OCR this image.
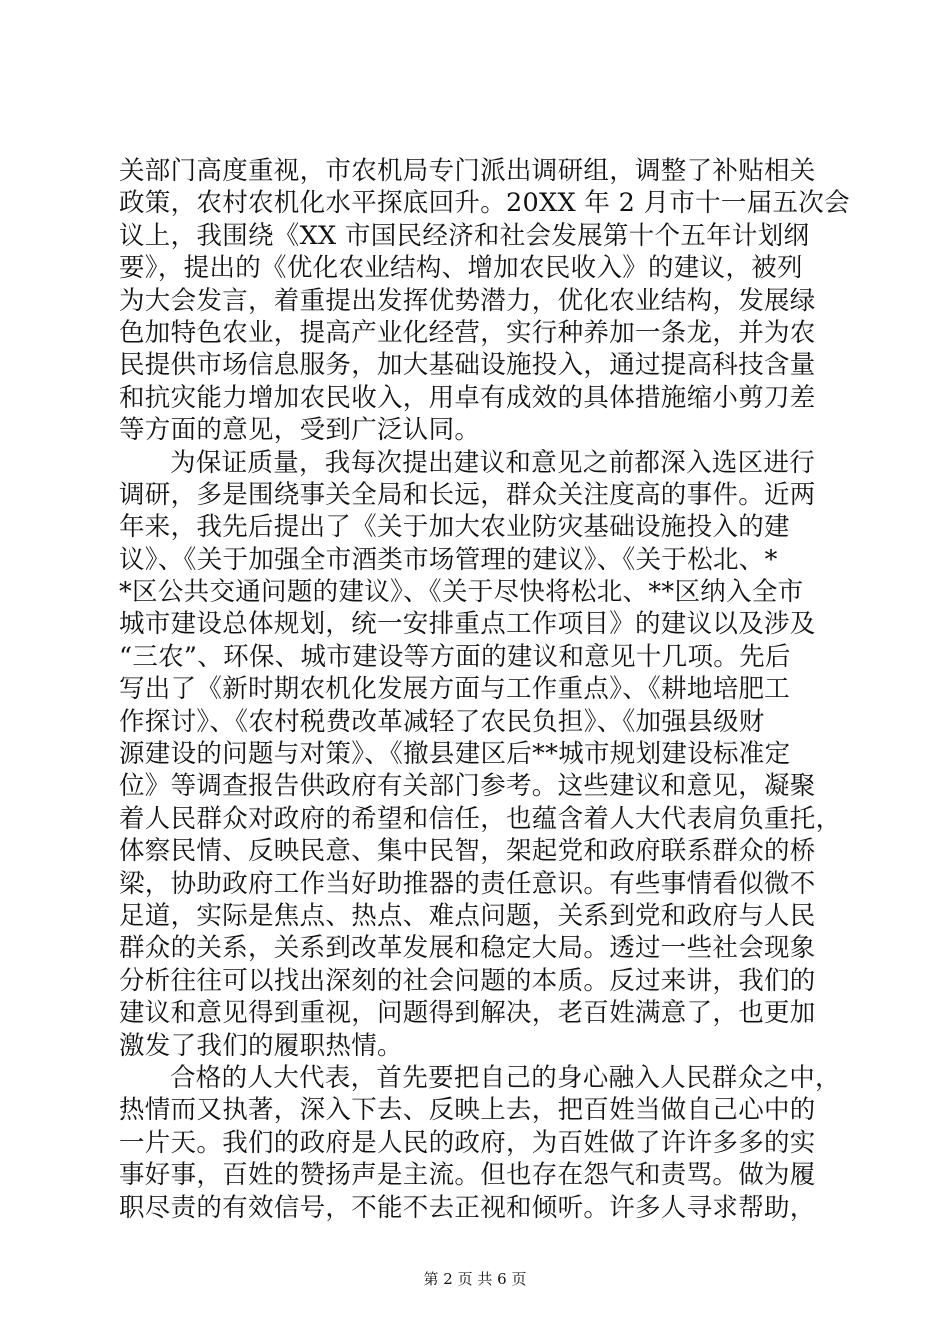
关部门高度重视，市农机局专门派出调研组，调整了补贴相关
政策，农村农机化水平探底回升。20XX 年 2 月市十一届五次会
议上，我围绕《XX 市国民经济和社会发展第十个五年计划纲
要》，提出的《优化农业结构、增加农民收入》的建议，被列
为大会发言，着重提出发挥优势潜力，优化农业结构，发展绿
色加特色农业，提高产业化经营，实行种养加一条龙，并为农
民提供市场信息服务，加大基础设施投入，通过提高科技含量
和抗灾能力增加农民收入，用卓有成效的具体措施缩小剪刀差
等方面的意见，受到广泛认同。
为保证质量，我每次提出建议和意见之前都深入选区进行
调研，多是围绕事关全局和长远，群众关注度高的事件。近两
年来，我先后提出了《关于加大农业防灾基础设施投入的建
议》、《关于加强全市酒类市场管理的建议》、《关于松北、*
*区公共交通问题的建议》、《关于尽快将松北、**区纳入全市
城市建设总体规划，统一安排重点工作项目》的建议以及涉及
“三农”、环保、城市建设等方面的建议和意见十几项。先后
写出了《新时期农机化发展方面与工作重点》、《耕地培肥工
作探讨》、《农村税费改革减轻了农民负担》、《加强县级财
源建设的问题与对策》、《撤县建区后**城市规划建设标准定
位》等调查报告供政府有关部门参考。这些建议和意见，凝聚
着人民群众对政府的希望和信任，也蕴含着人大代表肩负重托，
体察民情、反映民意、集中民智，架起党和政府联系群众的桥
梁，协助政府工作当好助推器的责任意识。有些事情看似微不
足道，实际是焦点、热点、难点问题，关系到党和政府与人民
群众的关系，关系到改革发展和稳定大局。透过一些社会现象
分析往往可以找出深刻的社会问题的本质。反过来讲，我们的
建议和意见得到重视，问题得到解决，老百姓满意了，也更加
激发了我们的履职热情。
合格的人大代表，首先要把自己的身心融入人民群众之中，
热情而又执著，深入下去、反映上去，把百姓当做自己心中的
一片天。我们的政府是人民的政府，为百姓做了许许多多的实
事好事，百姓的赞扬声是主流。但也存在怨气和责骂。做为履
职尽责的有效信号，不能不去正视和倾听。许多人寻求帮助，
第 2 页 共 6 页
